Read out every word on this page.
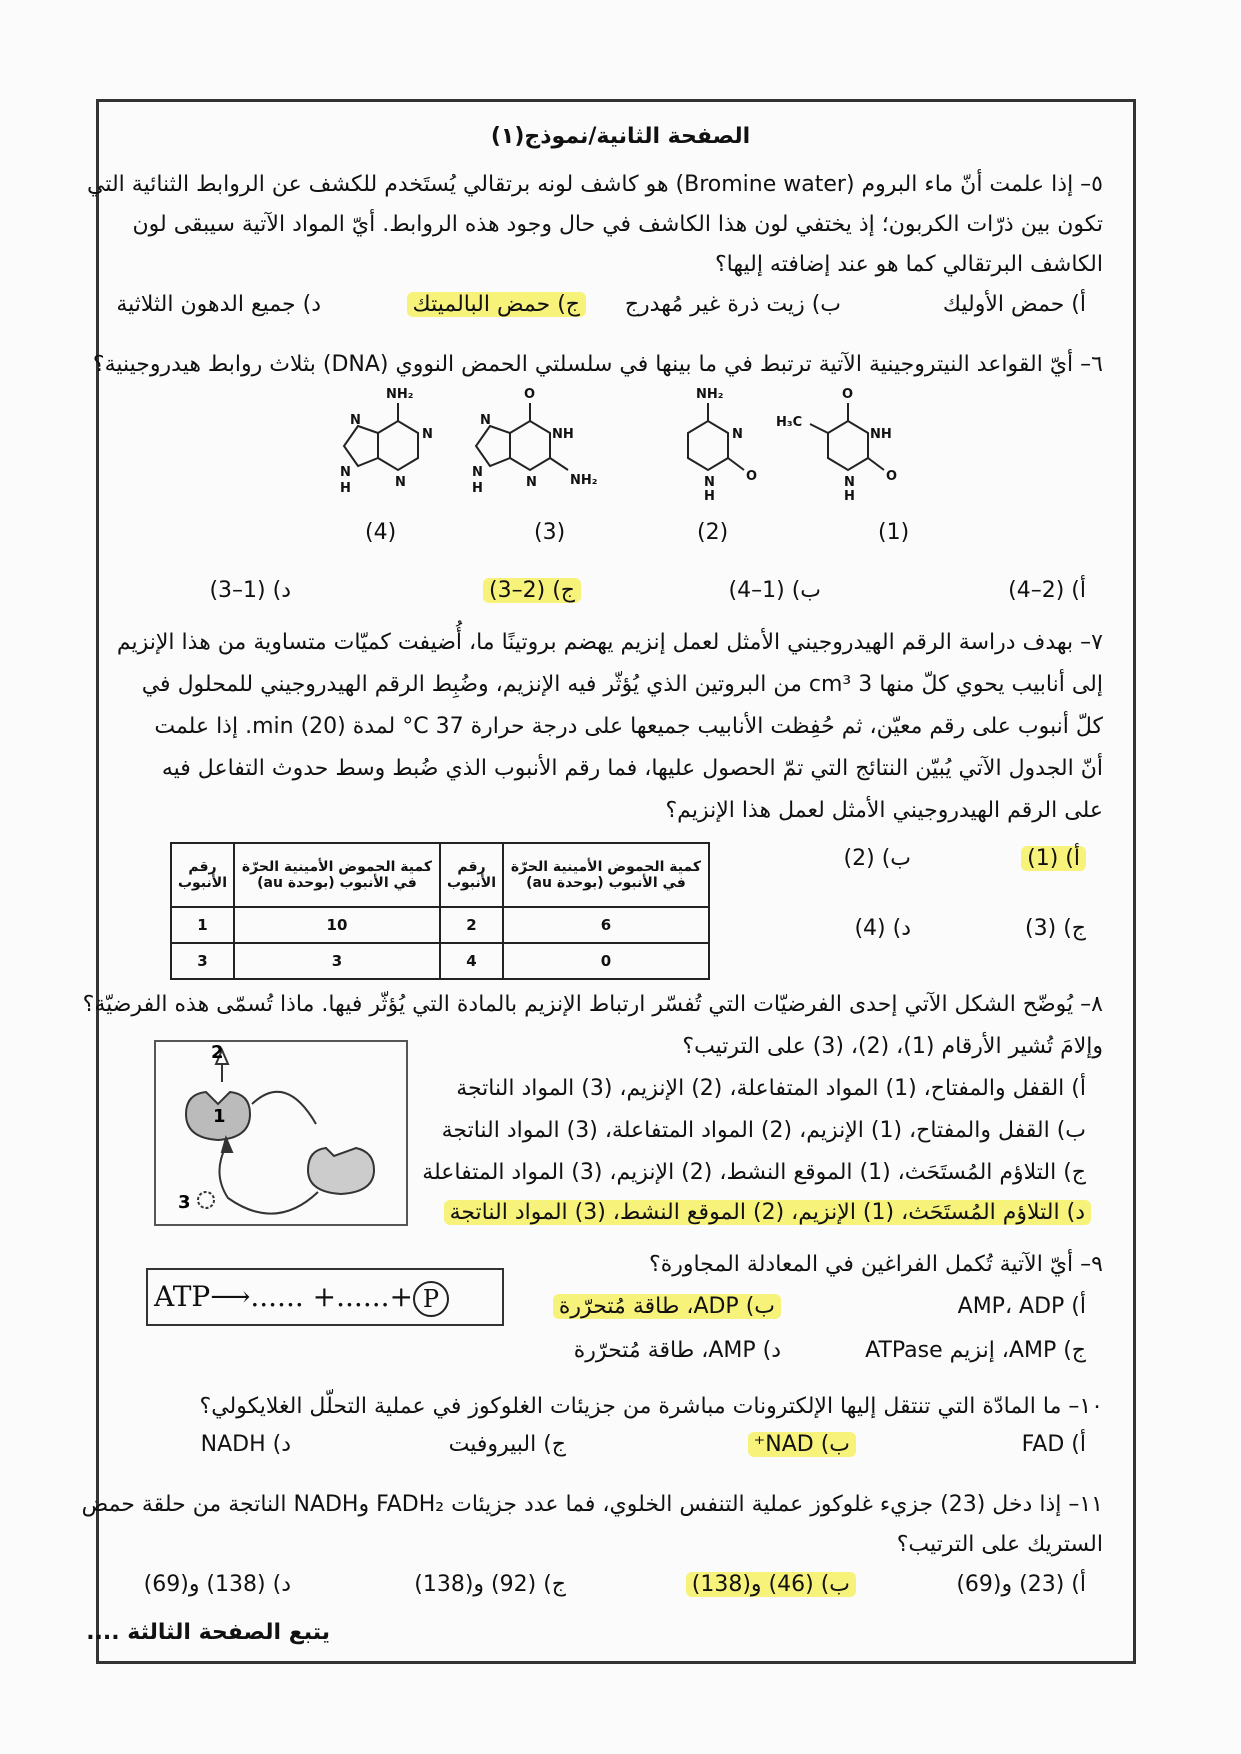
الصفحة الثانية/نموذج(١)
٥– إذا علمت أنّ ماء البروم (Bromine water) هو كاشف لونه برتقالي يُستَخدم للكشف عن الروابط الثنائية التي
تكون بين ذرّات الكربون؛ إذ يختفي لون هذا الكاشف في حال وجود هذه الروابط. أيّ المواد الآتية سيبقى لون
الكاشف البرتقالي كما هو عند إضافته إليها؟
أ) حمض الأوليك
ب) زيت ذرة غير مُهدرج
ج) حمض البالميتك
د) جميع الدهون الثلاثية
٦– أيّ القواعد النيتروجينية الآتية ترتبط في ما بينها في سلسلتي الحمض النووي (DNA) بثلاث روابط هيدروجينية؟
NH₂
N
N
N
N
H
O
NH
N	NH₂
N
N
H
NH₂
N
N
H
O
O
NH
N
H
O
H₃C
(4)	(3)	(2)	(1)
أ) (2–4)
ب) (1–4)
ج) (2–3)
د) (1–3)
٧– بهدف دراسة الرقم الهيدروجيني الأمثل لعمل إنزيم يهضم بروتينًا ما، أُضيفت كميّات متساوية من هذا الإنزيم
إلى أنابيب يحوي كلّ منها 3 cm³ من البروتين الذي يُؤثّر فيه الإنزيم، وضُبِط الرقم الهيدروجيني للمحلول في
كلّ أنبوب على رقم معيّن، ثم حُفِظت الأنابيب جميعها على درجة حرارة 37 C° لمدة (20) min. إذا علمت
أنّ الجدول الآتي يُبيّن النتائج التي تمّ الحصول عليها، فما رقم الأنبوب الذي ضُبط وسط حدوث التفاعل فيه
على الرقم الهيدروجيني الأمثل لعمل هذا الإنزيم؟
كمية الحموض الأمينية الحرّة في الأنبوب (بوحدة au)	رقم الأنبوب	كمية الحموض الأمينية الحرّة في الأنبوب (بوحدة au)	رقم الأنبوب
6	2	10	1
0	4	3	3
أ) (1)
ب) (2)
ج) (3)
د) (4)
٨– يُوضّح الشكل الآتي إحدى الفرضيّات التي تُفسّر ارتباط الإنزيم بالمادة التي يُؤثّر فيها. ماذا تُسمّى هذه الفرضيّة؟
وإلامَ تُشير الأرقام (1)، (2)، (3) على الترتيب؟
2
1
3
أ) القفل والمفتاح، (1) المواد المتفاعلة، (2) الإنزيم، (3) المواد الناتجة
ب) القفل والمفتاح، (1) الإنزيم، (2) المواد المتفاعلة، (3) المواد الناتجة
ج) التلاؤم المُستَحَث، (1) الموقع النشط، (2) الإنزيم، (3) المواد المتفاعلة
د) التلاؤم المُستَحَث، (1) الإنزيم، (2) الموقع النشط، (3) المواد الناتجة
٩– أيّ الآتية تُكمل الفراغين في المعادلة المجاورة؟
ATP⟶...... +......+ P	أ) AMP، ADP
ب) ADP، طاقة مُتحرّرة
ج) AMP، إنزيم ATPase
د) AMP، طاقة مُتحرّرة
١٠– ما المادّة التي تنتقل إليها الإلكترونات مباشرة من جزيئات الغلوكوز في عملية التحلّل الغلايكولي؟
أ) FAD
ب) NAD⁺
ج) البيروفيت
د) NADH
١١– إذا دخل (23) جزيء غلوكوز عملية التنفس الخلوي، فما عدد جزيئات FADH₂ وNADH الناتجة من حلقة حمض
الستريك على الترتيب؟
أ) (23) و(69)
ب) (46) و(138)
ج) (92) و(138)
د) (138) و(69)
يتبع الصفحة الثالثة ....
